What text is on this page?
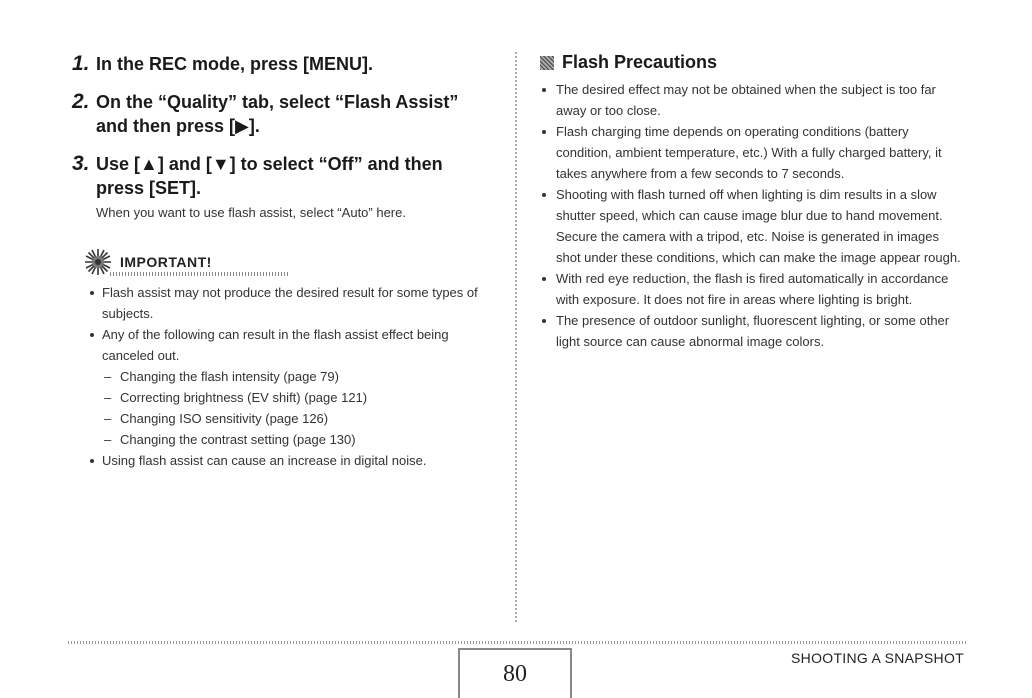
1. In the REC mode, press [MENU].
2. On the “Quality” tab, select “Flash Assist” and then press [▶].
3. Use [▲] and [▼] to select “Off” and then press [SET].
When you want to use flash assist, select “Auto” here.
IMPORTANT!
Flash assist may not produce the desired result for some types of subjects.
Any of the following can result in the flash assist effect being canceled out.
– Changing the flash intensity (page 79)
– Correcting brightness (EV shift) (page 121)
– Changing ISO sensitivity (page 126)
– Changing the contrast setting (page 130)
Using flash assist can cause an increase in digital noise.
Flash Precautions
The desired effect may not be obtained when the subject is too far away or too close.
Flash charging time depends on operating conditions (battery condition, ambient temperature, etc.) With a fully charged battery, it takes anywhere from a few seconds to 7 seconds.
Shooting with flash turned off when lighting is dim results in a slow shutter speed, which can cause image blur due to hand movement. Secure the camera with a tripod, etc. Noise is generated in images shot under these conditions, which can make the image appear rough.
With red eye reduction, the flash is fired automatically in accordance with exposure. It does not fire in areas where lighting is bright.
The presence of outdoor sunlight, fluorescent lighting, or some other light source can cause abnormal image colors.
80
SHOOTING A SNAPSHOT
